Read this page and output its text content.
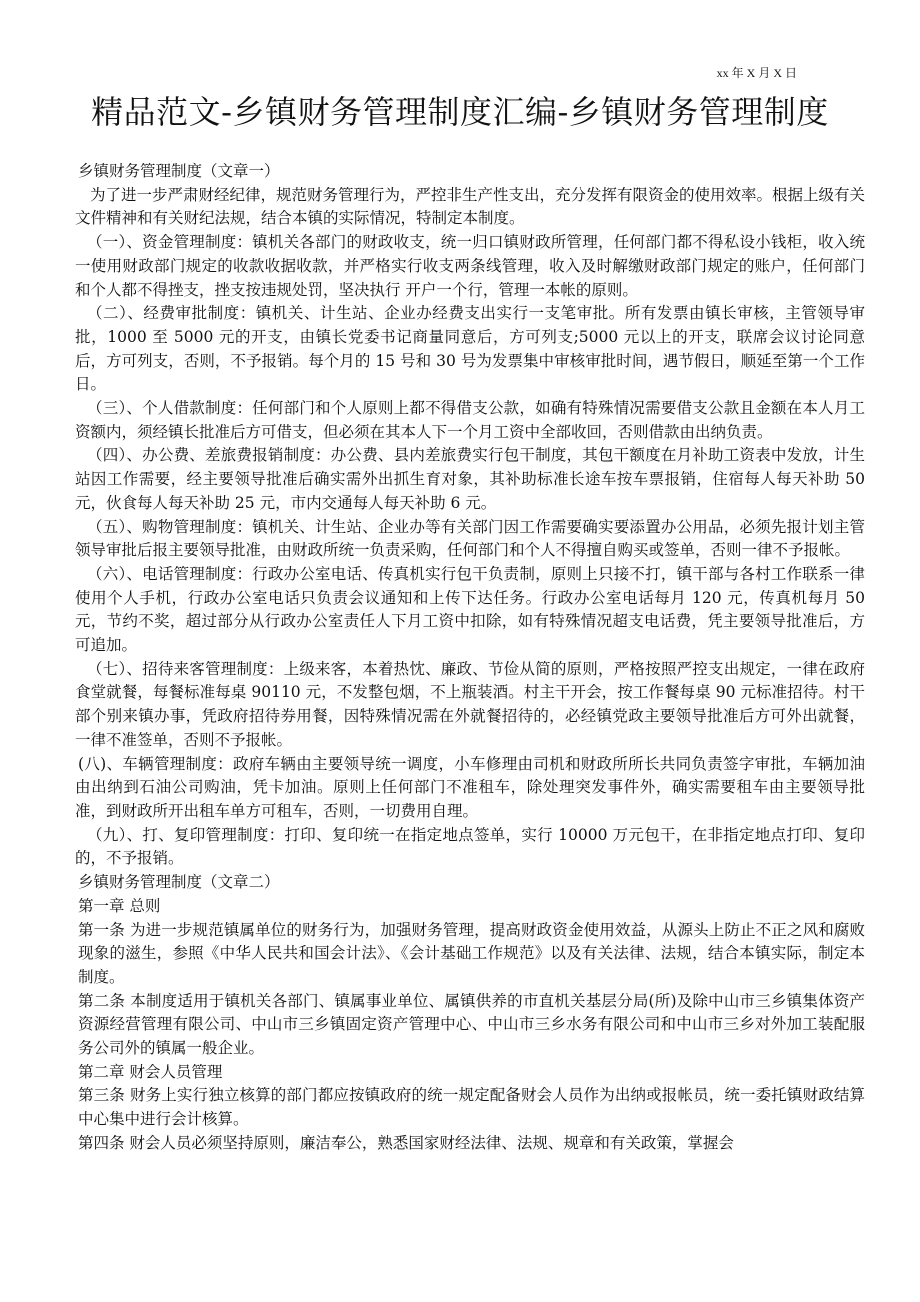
xx 年 X 月 X 日
精品范文-乡镇财务管理制度汇编-乡镇财务管理制度

乡镇财务管理制度（文章一）

为了进一步严肃财经纪律，规范财务管理行为，严控非生产性支出，充分发挥有限资金的使用效率。根据上级有关文件精神和有关财纪法规，结合本镇的实际情况，特制定本制度。

（一）、资金管理制度：镇机关各部门的财政收支，统一归口镇财政所管理，任何部门都不得私设小钱柜，收入统一使用财政部门规定的收款收据收款，并严格实行收支两条线管理，收入及时解缴财政部门规定的账户，任何部门和个人都不得挫支，挫支按违规处罚，坚决执行 开户一个行，管理一本帐的原则。

（二）、经费审批制度：镇机关、计生站、企业办经费支出实行一支笔审批。所有发票由镇长审核，主管领导审批，1000 至 5000 元的开支，由镇长党委书记商量同意后，方可列支;5000 元以上的开支，联席会议讨论同意后，方可列支，否则，不予报销。每个月的 15 号和 30 号为发票集中审核审批时间，遇节假日，顺延至第一个工作日。

（三）、个人借款制度：任何部门和个人原则上都不得借支公款，如确有特殊情况需要借支公款且金额在本人月工资额内，须经镇长批准后方可借支，但必须在其本人下一个月工资中全部收回，否则借款由出纳负责。

（四）、办公费、差旅费报销制度：办公费、县内差旅费实行包干制度，其包干额度在月补助工资表中发放，计生站因工作需要，经主要领导批准后确实需外出抓生育对象，其补助标准长途车按车票报销，住宿每人每天补助 50 元，伙食每人每天补助 25 元，市内交通每人每天补助 6 元。

（五）、购物管理制度：镇机关、计生站、企业办等有关部门因工作需要确实要添置办公用品，必须先报计划主管领导审批后报主要领导批准，由财政所统一负责采购，任何部门和个人不得擅自购买或签单，否则一律不予报帐。

（六）、电话管理制度：行政办公室电话、传真机实行包干负责制，原则上只接不打，镇干部与各村工作联系一律使用个人手机，行政办公室电话只负责会议通知和上传下达任务。行政办公室电话每月 120 元，传真机每月 50 元，节约不奖，超过部分从行政办公室责任人下月工资中扣除，如有特殊情况超支电话费，凭主要领导批准后，方可追加。

（七）、招待来客管理制度：上级来客，本着热忱、廉政、节俭从简的原则，严格按照严控支出规定，一律在政府食堂就餐，每餐标准每桌 90110 元，不发整包烟，不上瓶装酒。村主干开会，按工作餐每桌 90 元标准招待。村干部个别来镇办事，凭政府招待券用餐，因特殊情况需在外就餐招待的，必经镇党政主要领导批准后方可外出就餐，一律不准签单，否则不予报帐。

(八)、车辆管理制度：政府车辆由主要领导统一调度，小车修理由司机和财政所所长共同负责签字审批，车辆加油由出纳到石油公司购油，凭卡加油。原则上任何部门不准租车，除处理突发事件外，确实需要租车由主要领导批准，到财政所开出租车单方可租车，否则，一切费用自理。

（九）、打、复印管理制度：打印、复印统一在指定地点签单，实行 10000 万元包干，在非指定地点打印、复印的，不予报销。

乡镇财务管理制度（文章二）

第一章 总则

第一条 为进一步规范镇属单位的财务行为，加强财务管理，提高财政资金使用效益，从源头上防止不正之风和腐败现象的滋生，参照《中华人民共和国会计法》、《会计基础工作规范》以及有关法律、法规，结合本镇实际，制定本制度。

第二条 本制度适用于镇机关各部门、镇属事业单位、属镇供养的市直机关基层分局(所)及除中山市三乡镇集体资产资源经营管理有限公司、中山市三乡镇固定资产管理中心、中山市三乡水务有限公司和中山市三乡对外加工装配服务公司外的镇属一般企业。

第二章 财会人员管理

第三条 财务上实行独立核算的部门都应按镇政府的统一规定配备财会人员作为出纳或报帐员，统一委托镇财政结算中心集中进行会计核算。

第四条 财会人员必须坚持原则，廉洁奉公，熟悉国家财经法律、法规、规章和有关政策，掌握会
